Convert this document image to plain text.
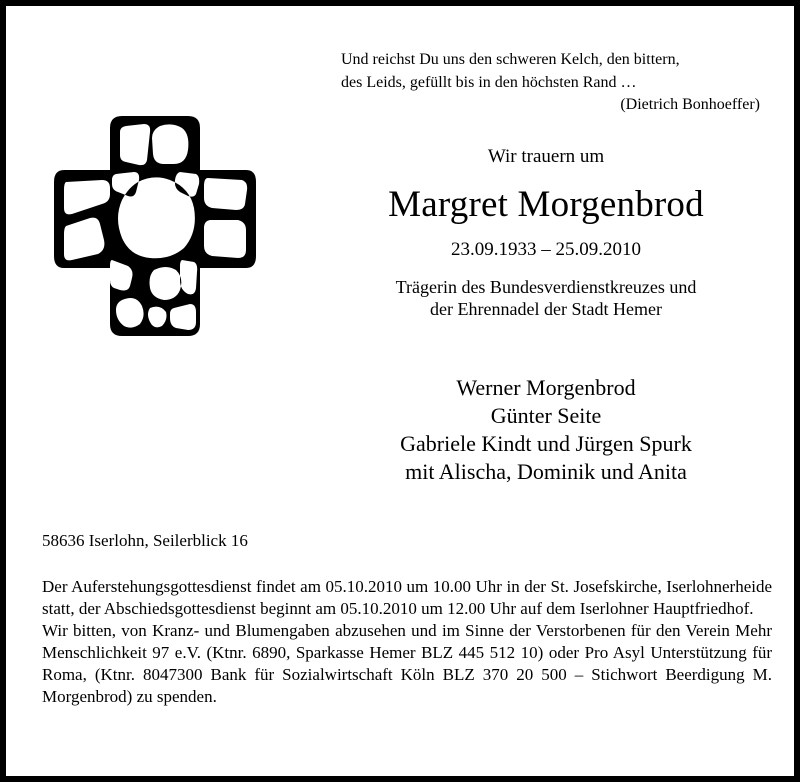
Und reichst Du uns den schweren Kelch, den bittern,
des Leids, gefüllt bis in den höchsten Rand …
(Dietrich Bonhoeffer)
Wir trauern um
Margret Morgenbrod
23.09.1933 – 25.09.2010
Trägerin des Bundesverdienstkreuzes und
der Ehrennadel der Stadt Hemer
Werner Morgenbrod
Günter Seite
Gabriele Kindt und Jürgen Spurk
mit Alischa, Dominik und Anita
58636 Iserlohn, Seilerblick 16

Der Auferstehungsgottesdienst findet am 05.10.2010 um 10.00 Uhr in der St. Josefskirche, Iserlohnerheide statt, der Abschiedsgottesdienst beginnt am 05.10.2010 um 12.00 Uhr auf dem Iserlohner Hauptfriedhof.

Wir bitten, von Kranz- und Blumengaben abzusehen und im Sinne der Verstorbenen für den Verein Mehr Menschlichkeit 97 e.V. (Ktnr. 6890, Sparkasse Hemer BLZ 445 512 10) oder Pro Asyl Unterstützung für Roma, (Ktnr. 8047300 Bank für Sozialwirtschaft Köln BLZ 370 20 500 – Stichwort Beerdigung M. Morgenbrod) zu spenden.
